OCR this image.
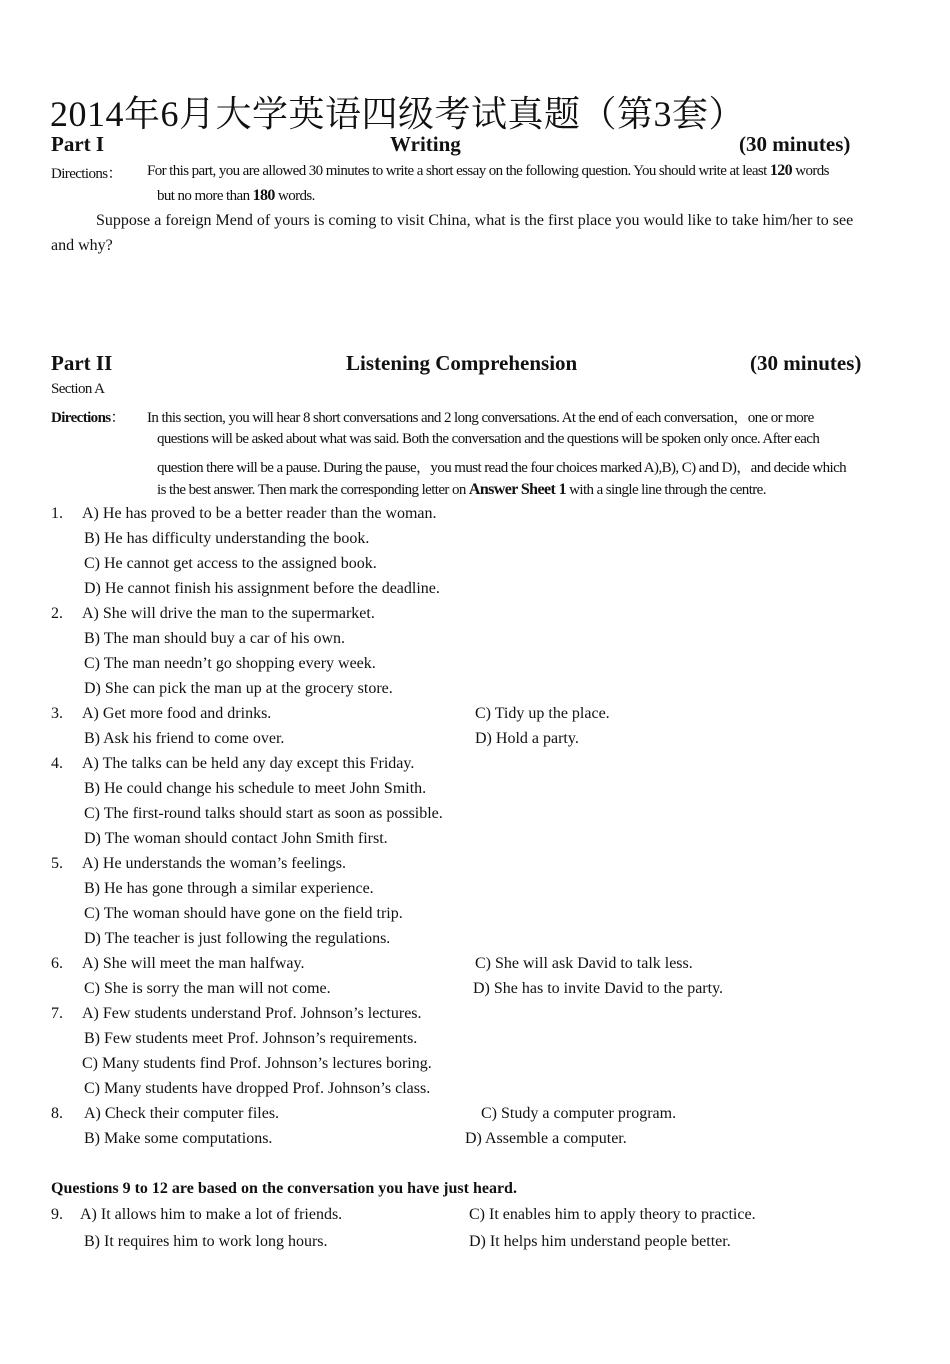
2014年6月大学英语四级考试真题（第3套）
Part I	Writing	(30 minutes)
Directions： For this part, you are allowed 30 minutes to write a short essay on the following question. You should write at least 120 words
but no more than 180 words.
Suppose a foreign Mend of yours is coming to visit China, what is the first place you would like to take him/her to see
and why?
Part II	Listening Comprehension	(30 minutes)
Section A
Directions： In this section, you will hear 8 short conversations and 2 long conversations. At the end of each conversation，one or more
questions will be asked about what was said. Both the conversation and the questions will be spoken only once. After each
question there will be a pause. During the pause，you must read the four choices marked A),B), C) and D)，and decide which
is the best answer. Then mark the corresponding letter on Answer Sheet 1 with a single line through the centre.
1. A) He has proved to be a better reader than the woman.
B) He has difficulty understanding the book.
C) He cannot get access to the assigned book.
D) He cannot finish his assignment before the deadline.
2. A) She will drive the man to the supermarket.
B) The man should buy a car of his own.
C) The man needn’t go shopping every week.
D) She can pick the man up at the grocery store.
3. A) Get more food and drinks.	C) Tidy up the place.
B) Ask his friend to come over.	D) Hold a party.
4. A) The talks can be held any day except this Friday.
B) He could change his schedule to meet John Smith.
C) The first-round talks should start as soon as possible.
D) The woman should contact John Smith first.
5. A) He understands the woman’s feelings.
B) He has gone through a similar experience.
C) The woman should have gone on the field trip.
D) The teacher is just following the regulations.
6. A) She will meet the man halfway.	C) She will ask David to talk less.
C) She is sorry the man will not come.	D) She has to invite David to the party.
7. A) Few students understand Prof. Johnson’s lectures.
B) Few students meet Prof. Johnson’s requirements.
C) Many students find Prof. Johnson’s lectures boring.
C) Many students have dropped Prof. Johnson’s class.
8. A) Check their computer files.	C) Study a computer program.
B) Make some computations.	D) Assemble a computer.
Questions 9 to 12 are based on the conversation you have just heard.
9. A) It allows him to make a lot of friends.	C) It enables him to apply theory to practice.
B) It requires him to work long hours.	D) It helps him understand people better.
